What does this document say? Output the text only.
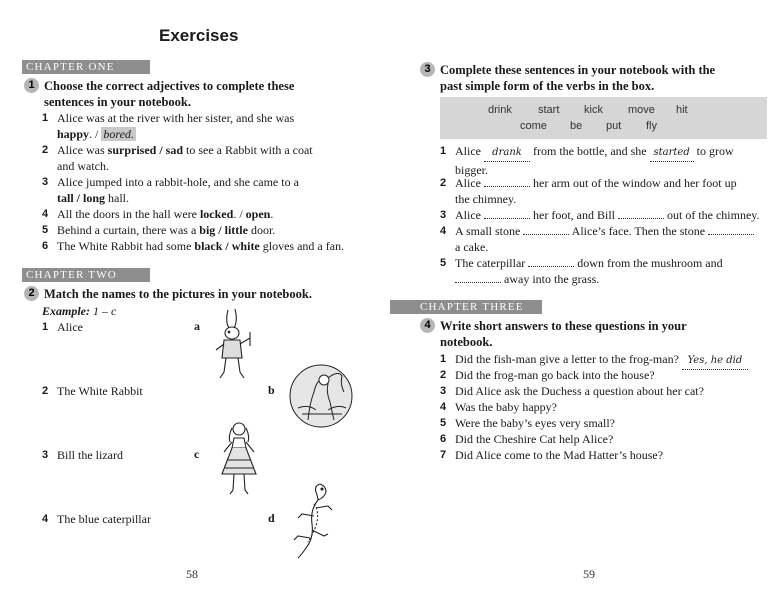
Exercises
CHAPTER ONE
1 Choose the correct adjectives to complete these
sentences in your notebook.
1 Alice was at the river with her sister, and she was
happy. / bored.
2 Alice was surprised / sad to see a Rabbit with a coat
and watch.
3 Alice jumped into a rabbit-hole, and she came to a
tall / long hall.
4 All the doors in the hall were locked. / open.
5 Behind a curtain, there was a big / little door.
6 The White Rabbit had some black / white gloves and a fan.
CHAPTER TWO
2 Match the names to the pictures in your notebook.
Example: 1 – c
1 Alice
2 The White Rabbit
3 Bill the lizard
4 The blue caterpillar
a
b
c
d
58
3 Complete these sentences in your notebook with the
past simple form of the verbs in the box.
drink start kick move hit
come be put fly
1 Alice drank from the bottle, and she started to grow
bigger.
2 Alice	her arm out of the window and her foot up
the chimney.
3 Alice	her foot, and Bill	out of the chimney.
4 A small stone	Alice’s face. Then the stone
a cake.
5 The caterpillar	down from the mushroom and
away into the grass.
CHAPTER THREE
4 Write short answers to these questions in your
notebook.
1 Did the fish-man give a letter to the frog-man? Yes, he did
2 Did the frog-man go back into the house?
3 Did Alice ask the Duchess a question about her cat?
4 Was the baby happy?
5 Were the baby’s eyes very small?
6 Did the Cheshire Cat help Alice?
7 Did Alice come to the Mad Hatter’s house?
59
